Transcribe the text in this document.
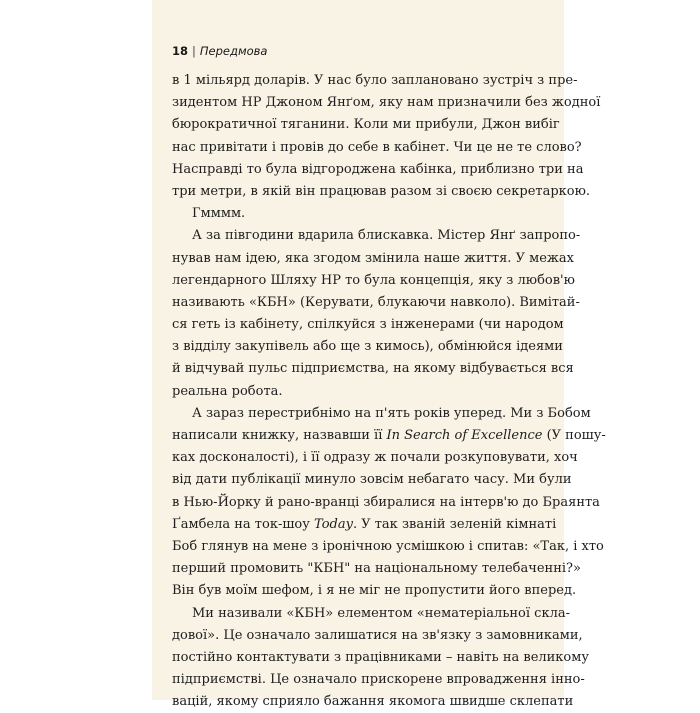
18 | Передмова
в 1 мільярд доларів. У нас було заплановано зустріч з пре-
зидентом НР Джоном Янґом, яку нам призначили без жодної
бюрократичної тяганини. Коли ми прибули, Джон вибіг
нас привітати і провів до себе в кабінет. Чи це не те слово?
Насправді то була відгороджена кабінка, приблизно три на
три метри, в якій він працював разом зі своєю секретаркою.
Гмммм.
А за півгодини вдарила блискавка. Містер Янґ запропо-
нував нам ідею, яка згодом змінила наше життя. У межах
легендарного Шляху НР то була концепція, яку з любов'ю
називають «КБН» (Керувати, блукаючи навколо). Вимітай-
ся геть із кабінету, спілкуйся з інженерами (чи народом
з відділу закупівель або ще з кимось), обмінюйся ідеями
й відчувай пульс підприємства, на якому відбувається вся
реальна робота.
А зараз перестрибнімо на п'ять років уперед. Ми з Бобом
написали книжку, назвавши її In Search of Excellence (У пошу-
ках досконалості), і її одразу ж почали розкуповувати, хоч
від дати публікації минуло зовсім небагато часу. Ми були
в Нью-Йорку й рано-вранці збиралися на інтерв'ю до Браянта
Ґамбела на ток-шоу Today. У так званій зеленій кімнаті
Боб глянув на мене з іронічною усмішкою і спитав: «Так, і хто
перший промовить "КБН" на національному телебаченні?»
Він був моїм шефом, і я не міг не пропустити його вперед.
Ми називали «КБН» елементом «нематеріальної скла-
дової». Це означало залишатися на зв'язку з замовниками,
постійно контактувати з працівниками – навіть на великому
підприємстві. Це означало прискорене впровадження інно-
вацій, якому сприяло бажання якомога швидше склепати
